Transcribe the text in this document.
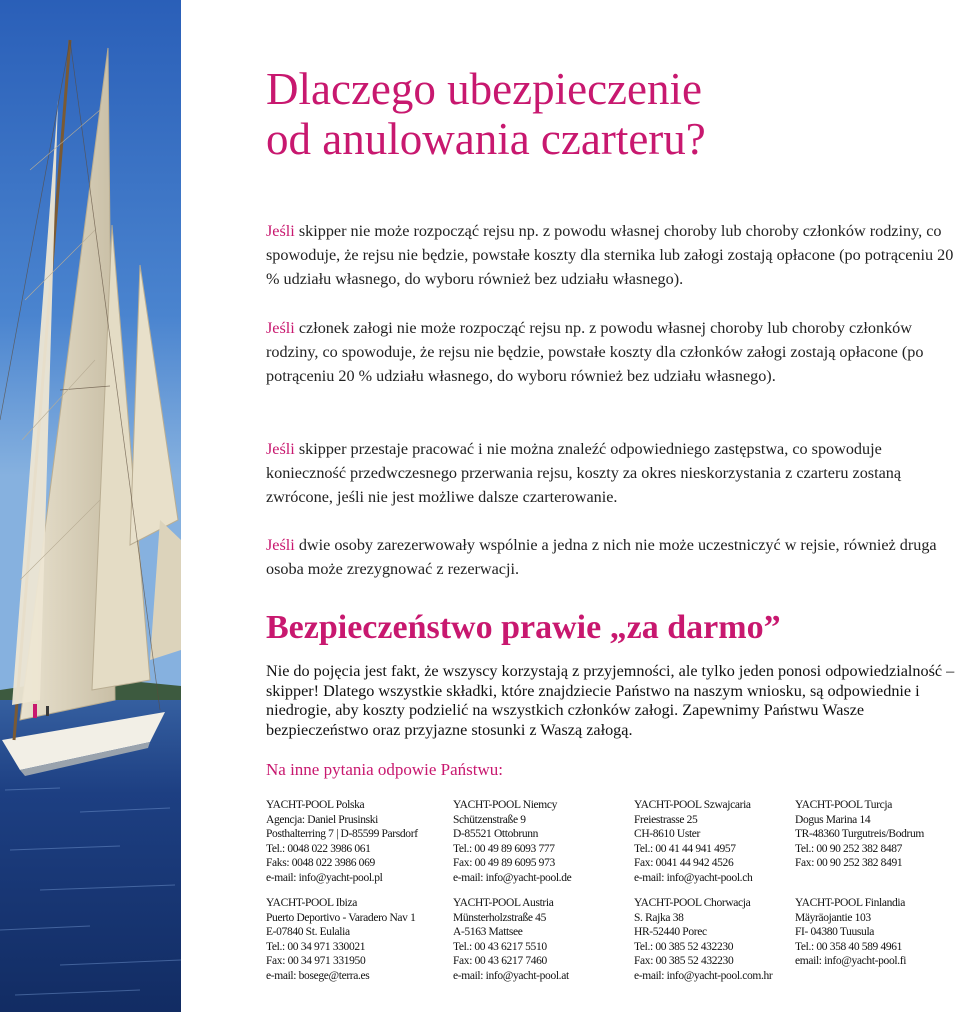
Dlaczego ubezpieczenie
od anulowania czarteru?

Jeśli skipper nie może rozpocząć rejsu np. z powodu własnej choroby lub choroby członków rodziny, co spowoduje, że rejsu nie będzie, powstałe koszty dla sternika lub załogi zostają opłacone (po potrąceniu 20 % udziału własnego, do wyboru również bez udziału własnego).

Jeśli członek załogi nie może rozpocząć rejsu np. z powodu własnej choroby lub choroby członków rodziny, co spowoduje, że rejsu nie będzie, powstałe koszty dla członków załogi zostają opłacone (po potrąceniu 20 % udziału własnego, do wyboru również bez udziału własnego).

Jeśli skipper przestaje pracować i nie można znaleźć odpowiedniego zastępstwa, co spowoduje konieczność przedwczesnego przerwania rejsu, koszty za okres nieskorzystania z czarteru zostaną zwrócone, jeśli nie jest możliwe dalsze czarterowanie.

Jeśli dwie osoby zarezerwowały wspólnie a jedna z nich nie może uczestniczyć w rejsie, również druga osoba może zrezygnować z rezerwacji.

Bezpieczeństwo prawie „za darmo”

Nie do pojęcia jest fakt, że wszyscy korzystają z przyjemności, ale tylko jeden ponosi odpowiedzialność – skipper! Dlatego wszystkie składki, które znajdziecie Państwo na naszym wniosku, są odpowiednie i niedrogie, aby koszty podzielić na wszystkich członków załogi. Zapewnimy Państwu Wasze bezpieczeństwo oraz przyjazne stosunki z Waszą załogą.

Na inne pytania odpowie Państwu:

YACHT-POOL Polska
Agencja: Daniel Prusinski
Posthalterring 7 | D-85599 Parsdorf
Tel.: 0048 022 3986 061
Faks: 0048 022 3986 069
e-mail: info@yacht-pool.pl
YACHT-POOL Niemcy
Schützenstraße 9
D-85521 Ottobrunn
Tel.: 00 49 89 6093 777
Fax: 00 49 89 6095 973
e-mail: info@yacht-pool.de
YACHT-POOL Szwajcaria
Freiestrasse 25
CH-8610 Uster
Tel.: 00 41 44 941 4957
Fax: 0041 44 942 4526
e-mail: info@yacht-pool.ch
YACHT-POOL Turcja
Dogus Marina 14
TR-48360 Turgutreis/Bodrum
Tel.: 00 90 252 382 8487
Fax: 00 90 252 382 8491
YACHT-POOL Ibiza
Puerto Deportivo - Varadero Nav 1
E-07840 St. Eulalia
Tel.: 00 34 971 330021
Fax: 00 34 971 331950
e-mail: bosege@terra.es
YACHT-POOL Austria
Münsterholzstraße 45
A-5163 Mattsee
Tel.: 00 43 6217 5510
Fax: 00 43 6217 7460
e-mail: info@yacht-pool.at
YACHT-POOL Chorwacja
S. Rajka 38
HR-52440 Porec
Tel.: 00 385 52 432230
Fax: 00 385 52 432230
e-mail: info@yacht-pool.com.hr
YACHT-POOL Finlandia
Mäyräojantie 103
FI- 04380 Tuusula
Tel.: 00 358 40 589 4961
email: info@yacht-pool.fi
